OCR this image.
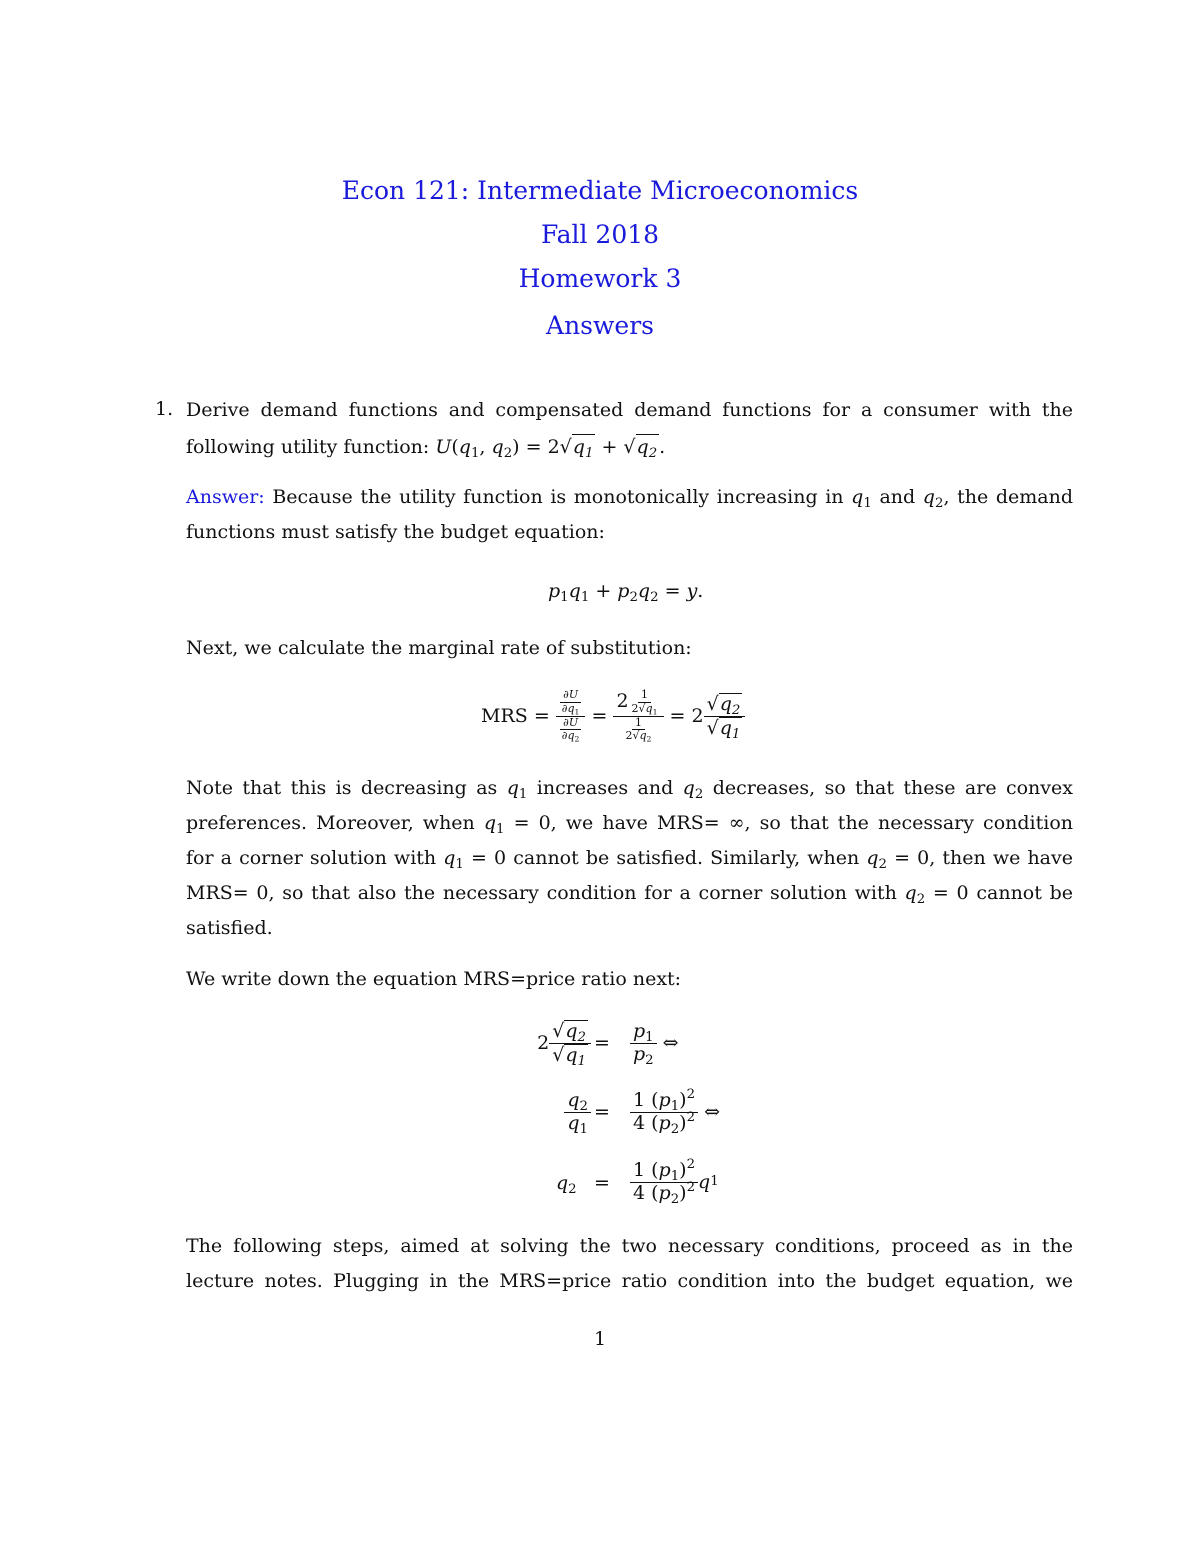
Econ 121: Intermediate Microeconomics
Fall 2018
Homework 3
Answers
1. Derive demand functions and compensated demand functions for a consumer with the
following utility function: $U(q_1$, $q_2) = 2$ √ $q_1$ + √ $q_2$ .
Answer: Because the utility function is monotonically increasing in $q_1$ and $q_2$, the demand
functions must satisfy the budget equation:
$p_1q_1 + p_2q_2 = y$.
Next, we calculate the marginal rate of substitution:
MRS = $\frac{\frac{\partial U}{\partial q_1}}{\frac{\partial U}{\partial q_2}} = \frac{2 \frac{1}{2√q_1}}{\frac{1}{2√q_2}} = 2 \frac{√ q_2}{√ q_1}$
Note that this is decreasing as $q_1$ increases and $q_2$ decreases, so that these are convex
preferences. Moreover, when $q_1 = 0$, we have MRS= ∞, so that the necessary condition
for a corner solution with $q_1 = 0$ cannot be satisfied. Similarly, when $q_2 = 0$, then we have
MRS= 0, so that also the necessary condition for a corner solution with $q_2 = 0$ cannot be
satisfied.
We write down the equation MRS=price ratio next:
$2 \frac{√ q_2}{√ q_1} = \frac{p_1}{p_2}$ ⇔
$\frac{q_2}{q_1} = \frac{1}{4} \frac{(p_1)^2}{(p_2)^2}$ ⇔
$q_2 = \frac{1}{4} \frac{(p_1)^2}{(p_2)^2}$ q 1
The following steps, aimed at solving the two necessary conditions, proceed as in the
lecture notes. Plugging in the MRS=price ratio condition into the budget equation, we
1
